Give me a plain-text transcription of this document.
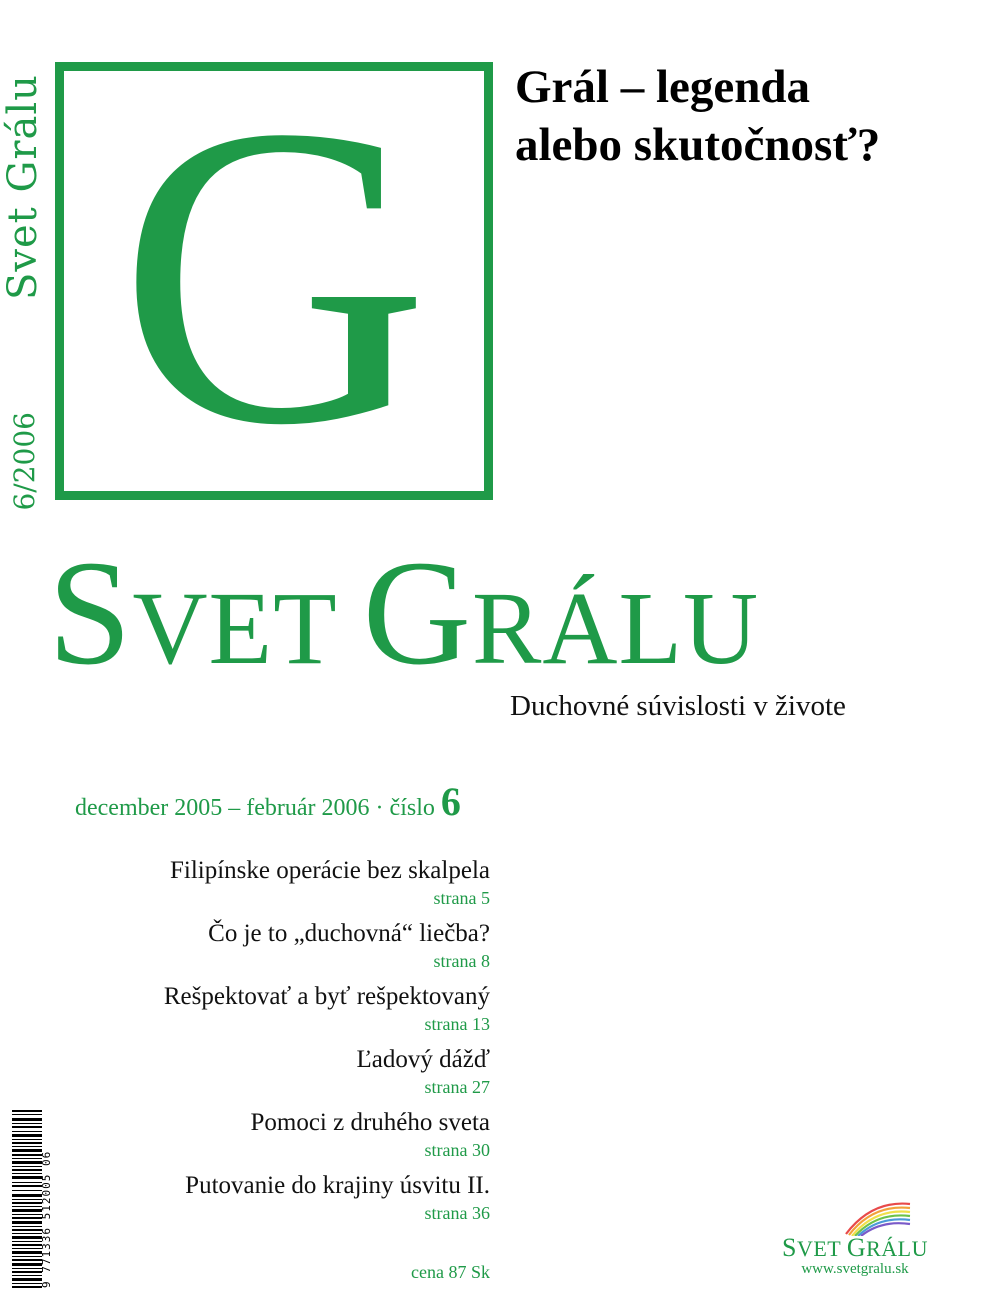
Svet Grálu
6/2006 G	Grál – legenda
alebo skutočnosť?
SVET GRÁLU
Duchovné súvislosti v živote
december 2005 – február 2006 · číslo 6
Filipínske operácie bez skalpela
strana 5
Čo je to „duchovná“ liečba?
strana 8
Rešpektovať a byť rešpektovaný
strana 13
Ľadový dážď
strana 27
Pomoci z druhého sveta
strana 30
Putovanie do krajiny úsvitu II.
strana 36
cena 87 Sk
9 771336 512005 06	SVET GRÁLU
www.svetgralu.sk
